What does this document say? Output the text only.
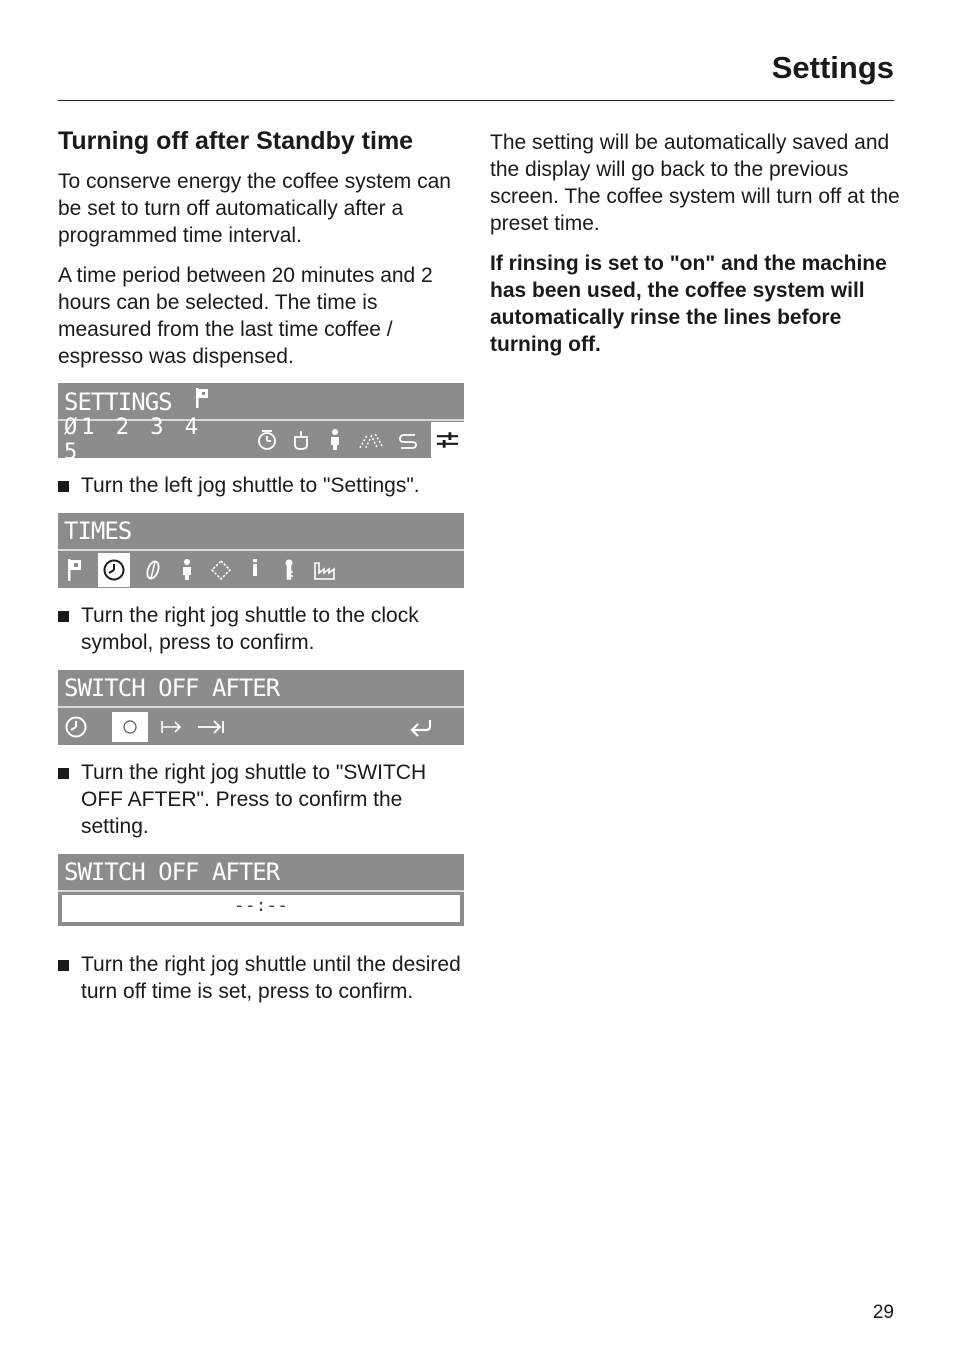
Settings
Turning off after Standby time

To conserve energy the coffee system can be set to turn off automatically after a programmed time interval.

A time period between 20 minutes and 2 hours can be selected. The time is measured from the last time coffee / espresso was dispensed.

SETTINGS
Ø1 2 3 4 5
Turn the left jog shuttle to "Settings".
TIMES
i
Turn the right jog shuttle to the clock symbol, press to confirm.
SWITCH OFF AFTER
Turn the right jog shuttle to "SWITCH OFF AFTER". Press to confirm the setting.
SWITCH OFF AFTER
--:--
Turn the right jog shuttle until the desired turn off time is set, press to confirm.

The setting will be automatically saved and the display will go back to the previous screen. The coffee system will turn off at the preset time.

If rinsing is set to "on" and the machine has been used, the coffee system will automatically rinse the lines before turning off.

29
